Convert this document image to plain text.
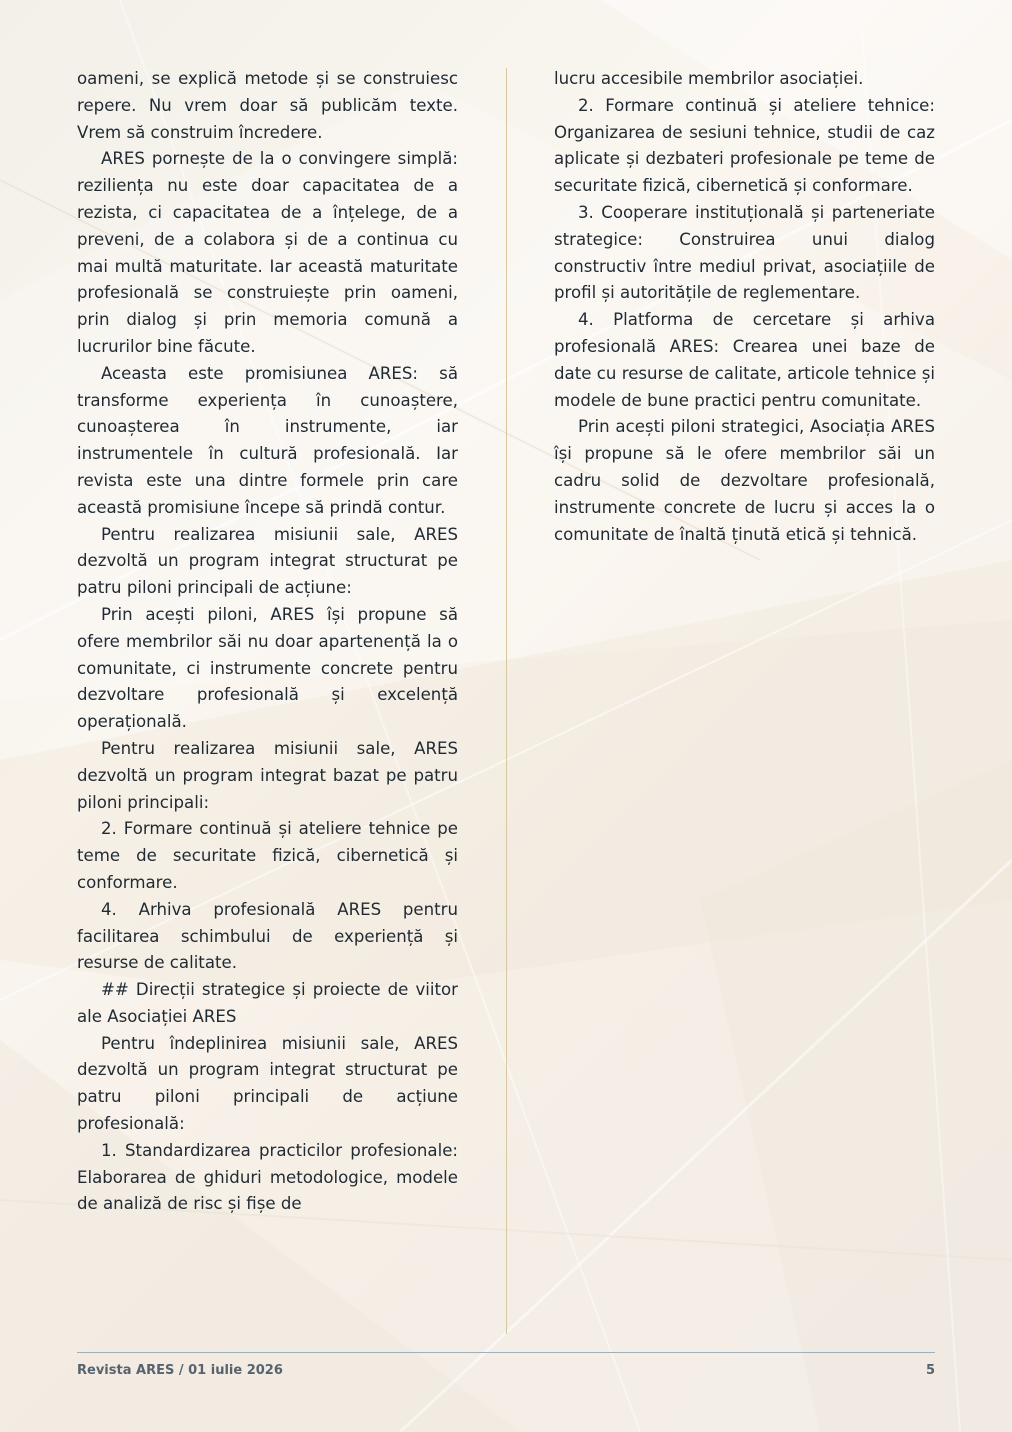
oameni, se explică metode și se construiesc repere. Nu vrem doar să publicăm texte. Vrem să construim încredere.

ARES pornește de la o convingere simplă: reziliența nu este doar capacitatea de a rezista, ci capacitatea de a înțelege, de a preveni, de a colabora și de a continua cu mai multă maturitate. Iar această maturitate profesională se construiește prin oameni, prin dialog și prin memoria comună a lucrurilor bine făcute.

Aceasta este promisiunea ARES: să transforme experiența în cunoaștere, cunoașterea în instrumente, iar instrumentele în cultură profesională. Iar revista este una dintre formele prin care această promisiune începe să prindă contur.

Pentru realizarea misiunii sale, ARES dezvoltă un program integrat structurat pe patru piloni principali de acțiune:

Prin acești piloni, ARES își propune să ofere membrilor săi nu doar apartenență la o comunitate, ci instrumente concrete pentru dezvoltare profesională și excelență operațională.

Pentru realizarea misiunii sale, ARES dezvoltă un program integrat bazat pe patru piloni principali:

2. Formare continuă și ateliere tehnice pe teme de securitate fizică, cibernetică și conformare.

4. Arhiva profesională ARES pentru facilitarea schimbului de experiență și resurse de calitate.

## Direcții strategice și proiecte de viitor ale Asociației ARES

Pentru îndeplinirea misiunii sale, ARES dezvoltă un program integrat structurat pe patru piloni principali de acțiune profesională:

1. Standardizarea practicilor profesionale: Elaborarea de ghiduri metodologice, modele de analiză de risc și fișe de

lucru accesibile membrilor asociației.

2. Formare continuă și ateliere tehnice: Organizarea de sesiuni tehnice, studii de caz aplicate și dezbateri profesionale pe teme de securitate fizică, cibernetică și conformare.

3. Cooperare instituțională și parteneriate strategice: Construirea unui dialog constructiv între mediul privat, asociațiile de profil și autoritățile de reglementare.

4. Platforma de cercetare și arhiva profesională ARES: Crearea unei baze de date cu resurse de calitate, articole tehnice și modele de bune practici pentru comunitate.

Prin acești piloni strategici, Asociația ARES își propune să le ofere membrilor săi un cadru solid de dezvoltare profesională, instrumente concrete de lucru și acces la o comunitate de înaltă ținută etică și tehnică.

Revista ARES / 01 iulie 2026	5
